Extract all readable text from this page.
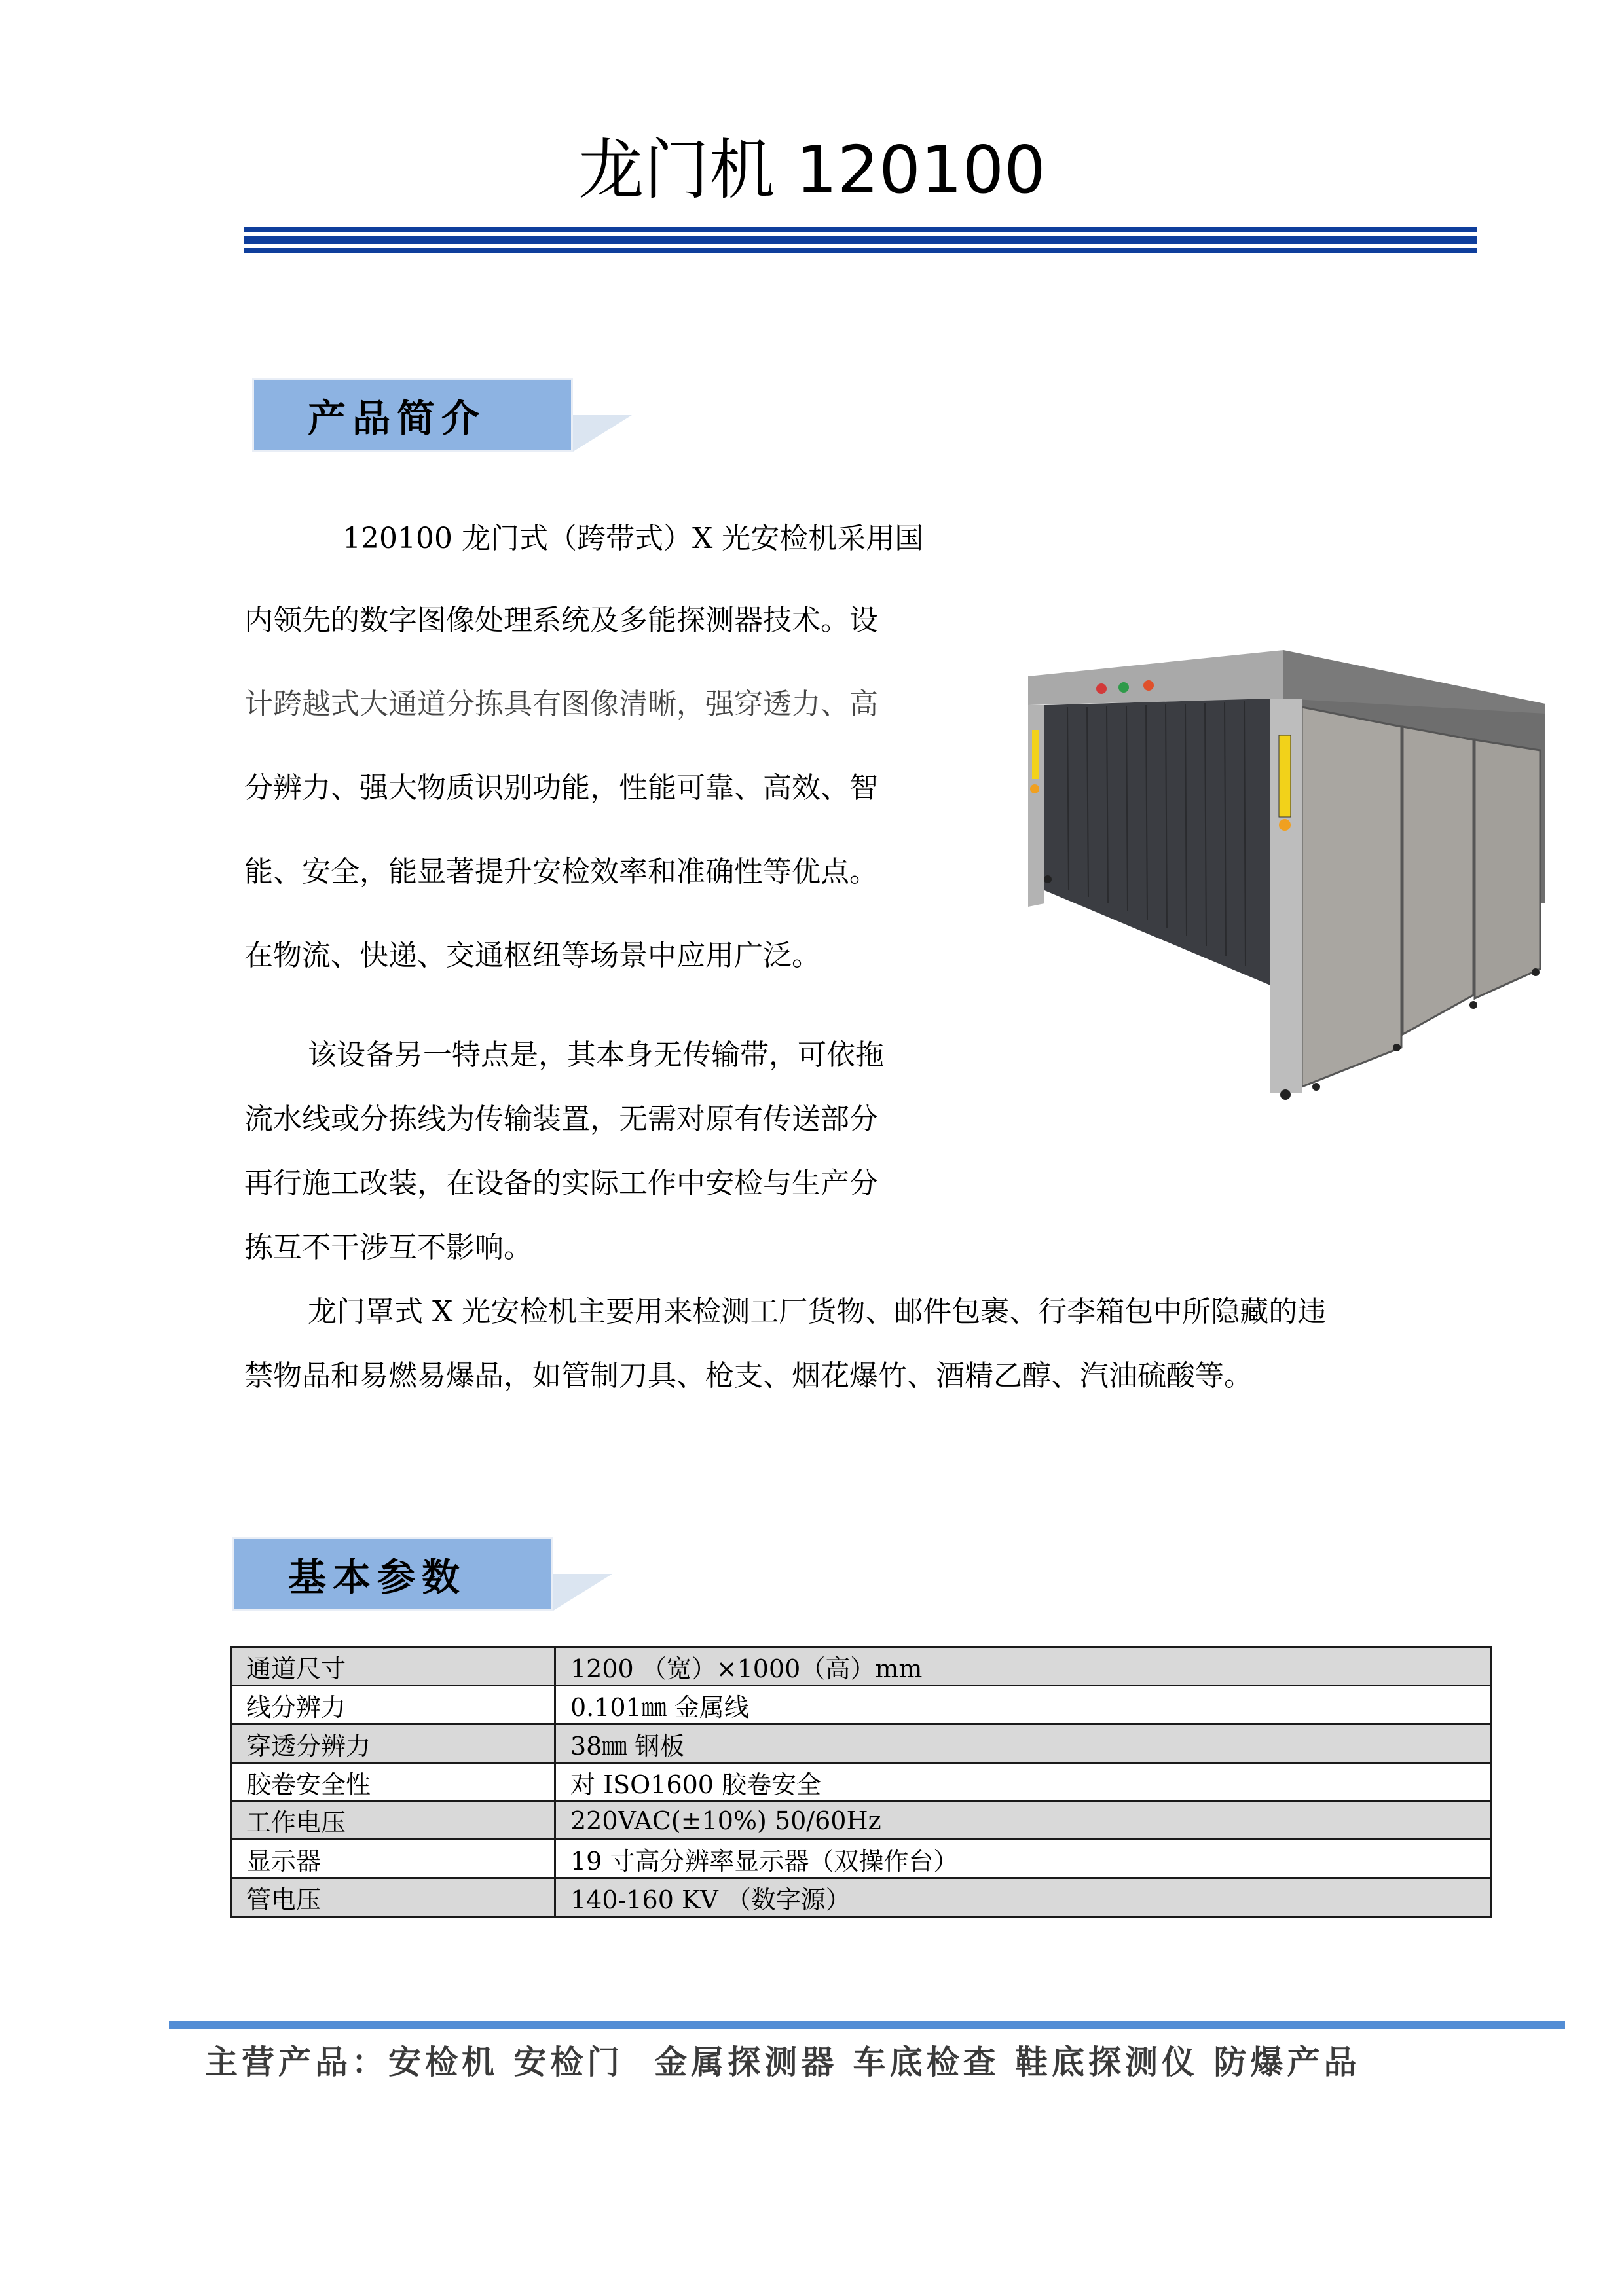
龙门机 120100
产品简介
120100 龙门式（跨带式）X 光安检机采用国
内领先的数字图像处理系统及多能探测器技术。设
计跨越式大通道分拣具有图像清晰，强穿透力、高
分辨力、强大物质识别功能，性能可靠、高效、智
能、安全，能显著提升安检效率和准确性等优点。
在物流、快递、交通枢纽等场景中应用广泛。
该设备另一特点是，其本身无传输带，可依拖
流水线或分拣线为传输装置，无需对原有传送部分
再行施工改装，在设备的实际工作中安检与生产分
拣互不干涉互不影响。
龙门罩式 X 光安检机主要用来检测工厂货物、邮件包裹、行李箱包中所隐藏的违
禁物品和易燃易爆品，如管制刀具、枪支、烟花爆竹、酒精乙醇、汽油硫酸等。
基本参数
通道尺寸	1200 （宽）×1000（高）mm
线分辨力	0.101㎜ 金属线
穿透分辨力	38㎜ 钢板
胶卷安全性	对 ISO1600 胶卷安全
工作电压	220VAC(±10%) 50/60Hz
显示器	19 寸高分辨率显示器（双操作台）
管电压	140-160 KV （数字源）
主营产品：安检机 安检门  金属探测器 车底检查 鞋底探测仪 防爆产品
